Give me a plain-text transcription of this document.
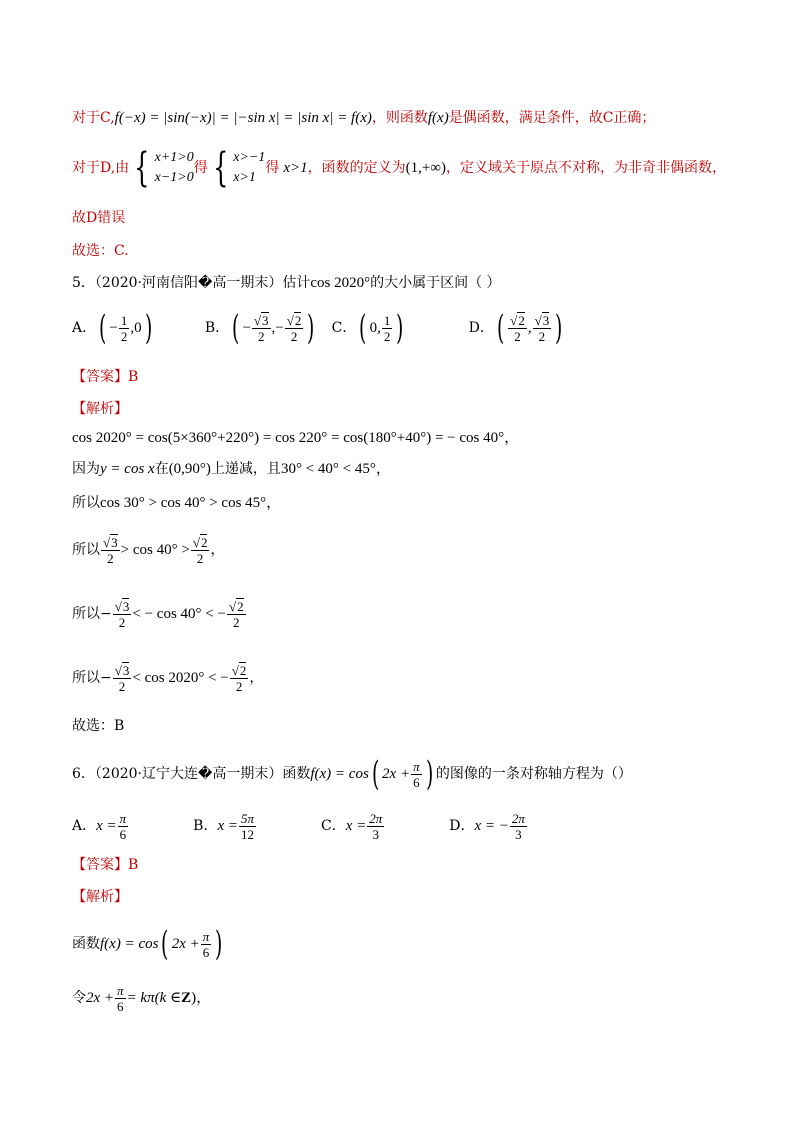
对于C,f(−x) = |sin(−x)| = |−sin x| = |sin x| = f(x)，则函数f(x)是偶函数，满足条件，故C正确；
对于D,由 { x+1>0
x−1>0
得 { x>−1
x>1
得 x>1，函数的定义为(1,+∞)，定义域关于原点不对称，为非奇非偶函数，
故D错误
故选：C.
5．（2020·河南信阳�高一期末）估计cos 2020°的大小属于区间（ ）
A． ( − $\frac{1}{2} ,0$ )	B． ( − $\frac{√3}{2}$ ,− $\frac{√2}{2}$ ) C． ( 0, $\frac{1}{2}$ )	D． ( $\frac{√2}{2}$ , $\frac{√3}{2}$ )
【答案】B
【解析】
cos 2020° = cos(5×360°+220°) = cos 220° = cos(180°+40°) = − cos 40°，
因为y = cos x在(0,90°)上递减，且30° < 40° < 45°，
所以cos 30° > cos 40° > cos 45°，
所以 $\frac{√3}{2} > \cos 40^\circ > \frac{√2}{2}$ ，
所以− $\frac{√3}{2}$ < − cos 40° < − $\frac{√2}{2}$
所以− $\frac{√3}{2} < \cos 2020^\circ$ < − $\frac{√2}{2}$ ，
故选：B
6．（2020·辽宁大连�高一期末）函数 f(x) = cos ( $2x + \frac{\pi}{6}$ ) 的图像的一条对称轴方程为（）
A． $x = \frac{\pi}{6}$	B． $x = \frac{5\pi}{12}$	C． $x = \frac{2\pi}{3}$	D． x = − $\frac{2\pi}{3}$
【答案】B
【解析】
函数 f(x) = cos ( $2x + \frac{\pi}{6}$ )
令 $2x + \frac{\pi}{6} = k\pi$ (k ∈ Z )，
